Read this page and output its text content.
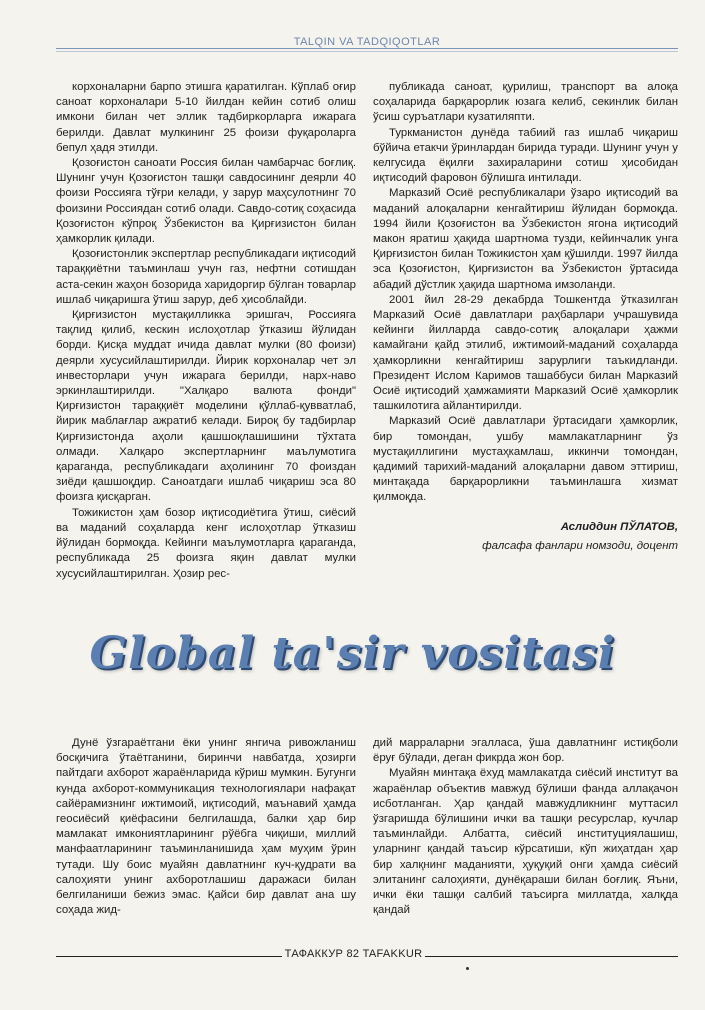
TALQIN VA TADQIQOTLAR

корхоналарни барпо этишга қаратилган. Кўплаб оғир саноат корхоналари 5-10 йилдан кейин сотиб олиш имкони билан чет эллик тадбиркорларга ижарага берилди. Давлат мулкининг 25 фоизи фуқароларга бепул ҳадя этилди.

Қозоғистон саноати Россия билан чамбарчас боғлиқ. Шунинг учун Қозоғистон ташқи савдосининг деярли 40 фоизи Россияга тўғри келади, у зарур маҳсулотнинг 70 фоизини Россиядан сотиб олади. Савдо-сотиқ соҳасида Қозоғистон кўпроқ Ўзбекистон ва Қирғизистон билан ҳамкорлик қилади.

Қозоғистонлик экспертлар республикадаги иқтисодий тараққиётни таъминлаш учун газ, нефтни сотишдан аста-секин жаҳон бозорида харидоргир бўлган товарлар ишлаб чиқаришга ўтиш зарур, деб ҳисоблайди.

Қирғизистон мустақилликка эришгач, Россияга тақлид қилиб, кескин ислоҳотлар ўтказиш йўлидан борди. Қисқа муддат ичида давлат мулки (80 фоизи) деярли хусусийлаштирилди. Йирик корхоналар чет эл инвесторлари учун ижарага берилди, нарх-наво эркинлаштирилди. "Халқаро валюта фонди" Қирғизистон тараққиёт моделини қўллаб-қувватлаб, йирик маблағлар ажратиб келади. Бироқ бу тадбирлар Қирғизистонда аҳоли қашшоқлашишини тўхтата олмади. Халқаро экспертларнинг маълумотига қараганда, республикадаги аҳолининг 70 фоиздан зиёди қашшоқдир. Саноатдаги ишлаб чиқариш эса 80 фоизга қисқарган.

Тожикистон ҳам бозор иқтисодиётига ўтиш, сиёсий ва маданий соҳаларда кенг ислоҳотлар ўтказиш йўлидан бормоқда. Кейинги маълумотларга қараганда, республикада 25 фоизга яқин давлат мулки хусусийлаштирилган. Ҳозир рес-

публикада саноат, қурилиш, транспорт ва алоқа соҳаларида барқарорлик юзага келиб, секинлик билан ўсиш суръатлари кузатиляпти.

Туркманистон дунёда табиий газ ишлаб чиқариш бўйича етакчи ўринлардан бирида туради. Шунинг учун у келгусида ёқилғи захираларини сотиш ҳисобидан иқтисодий фаровон бўлишга интилади.

Марказий Осиё республикалари ўзаро иқтисодий ва маданий алоқаларни кенгайтириш йўлидан бормоқда. 1994 йили Қозоғистон ва Ўзбекистон ягона иқтисодий макон яратиш ҳақида шартнома тузди, кейинчалик унга Қирғизистон билан Тожикистон ҳам қўшилди. 1997 йилда эса Қозоғистон, Қирғизистон ва Ўзбекистон ўртасида абадий дўстлик ҳақида шартнома имзоланди.

2001 йил 28-29 декабрда Тошкентда ўтказилган Марказий Осиё давлатлари раҳбарлари учрашувида кейинги йилларда савдо-сотиқ алоқалари ҳажми камайгани қайд этилиб, ижтимоий-маданий соҳаларда ҳамкорликни кенгайтириш зарурлиги таъкидланди. Президент Ислом Каримов ташаббуси билан Марказий Осиё иқтисодий ҳамжамияти Марказий Осиё ҳамкорлик ташкилотига айлантирилди.

Марказий Осиё давлатлари ўртасидаги ҳамкорлик, бир томондан, ушбу мамлакатларнинг ўз мустақиллигини мустаҳкамлаш, иккинчи томондан, қадимий тарихий-маданий алоқаларни давом эттириш, минтақада барқарорликни таъминлашга хизмат қилмоқда.

Аслиддин ПЎЛАТОВ,

фалсафа фанлари номзоди, доцент

Global ta'sir vositasi

Дунё ўзгараётгани ёки унинг янгича ривожланиш босқичига ўтаётганини, биринчи навбатда, ҳозирги пайтдаги ахборот жараёнларида кўриш мумкин. Бугунги кунда ахборот-коммуникация технологиялари нафақат сайёрамизнинг ижтимоий, иқтисодий, маънавий ҳамда геосиёсий қиёфасини белгилашда, балки ҳар бир мамлакат имкониятларининг рўёбга чиқиши, миллий манфаатларининг таъминланишида ҳам муҳим ўрин тутади. Шу боис муайян давлатнинг куч-қудрати ва салоҳияти унинг ахборотлашиш даражаси билан белгиланиши бежиз эмас. Қайси бир давлат ана шу соҳада жид-

дий марраларни эгалласа, ўша давлатнинг истиқболи ёруғ бўлади, деган фикрда жон бор.

Муайян минтақа ёхуд мамлакатда сиёсий институт ва жараёнлар объектив мавжуд бўлиши фанда аллақачон исботланган. Ҳар қандай мавжудликнинг муттасил ўзгаришда бўлишини ички ва ташқи ресурслар, кучлар таъминлайди. Албатта, сиёсий институциялашиш, уларнинг қандай таъсир кўрсатиши, кўп жиҳатдан ҳар бир халқнинг маданияти, ҳуқуқий онги ҳамда сиёсий элитанинг салоҳияти, дунёқараши билан боғлиқ. Яъни, ички ёки ташқи салбий таъсирга миллатда, халқда қандай

ТАФАККУР 82 TAFAKKUR
